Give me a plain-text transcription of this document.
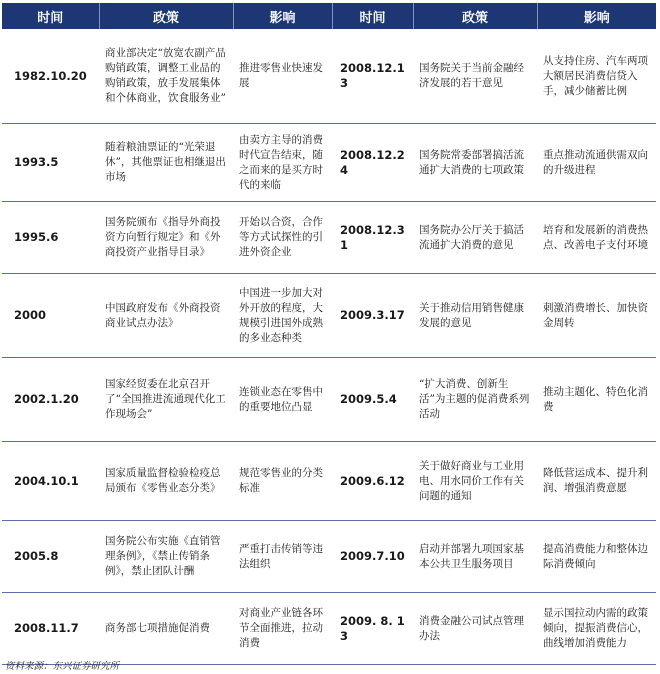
时间	政策	影响	时间	政策	影响
1982.10.20	商业部决定“放宽农副产品购销政策，调整工业品的购销政策，放手发展集体和个体商业，饮食服务业”	推进零售业快速发展	2008.12.13	国务院关于当前金融经济发展的若干意见	从支持住房、汽车两项大额居民消费信贷入手，减少储蓄比例
1993.5	随着粮油票证的“光荣退休”，其他票证也相继退出市场	由卖方主导的消费时代宣告结束，随之而来的是买方时代的来临	2008.12.24	国务院常委部署搞活流通扩大消费的七项政策	重点推动流通供需双向的升级进程
1995.6	国务院颁布《指导外商投资方向暂行规定》和《外商投资产业指导目录》	开始以合资，合作等方式试探性的引进外资企业	2008.12.31	国务院办公厅关于搞活流通扩大消费的意见	培育和发展新的消费热点、改善电子支付环境
2000	中国政府发布《外商投资商业试点办法》	中国进一步加大对外开放的程度，大规模引进国外成熟的多业态种类	2009.3.17	关于推动信用销售健康发展的意见	刺激消费增长、加快资金周转
2002.1.20	国家经贸委在北京召开了“全国推进流通现代化工作现场会”	连锁业态在零售中的重要地位凸显	2009.5.4	“扩大消费、创新生活”为主题的促消费系列活动	推动主题化、特色化消费
2004.10.1	国家质量监督检验检疫总局颁布《零售业态分类》	规范零售业的分类标准	2009.6.12	关于做好商业与工业用电、用水同价工作有关问题的通知	降低营运成本、提升利润、增强消费意愿
2005.8	国务院公布实施《直销管理条例》，《禁止传销条例》，禁止团队计酬	严重打击传销等违法组织	2009.7.10	启动并部署九项国家基本公共卫生服务项目	提高消费能力和整体边际消费倾向
2008.11.7	商务部七项措施促消费	对商业产业链各环节全面推进，拉动消费	2009. 8. 13	消费金融公司试点管理办法	显示国拉动内需的政策倾向，提振消费信心，曲线增加消费能力
资料来源：东兴证券研究所
